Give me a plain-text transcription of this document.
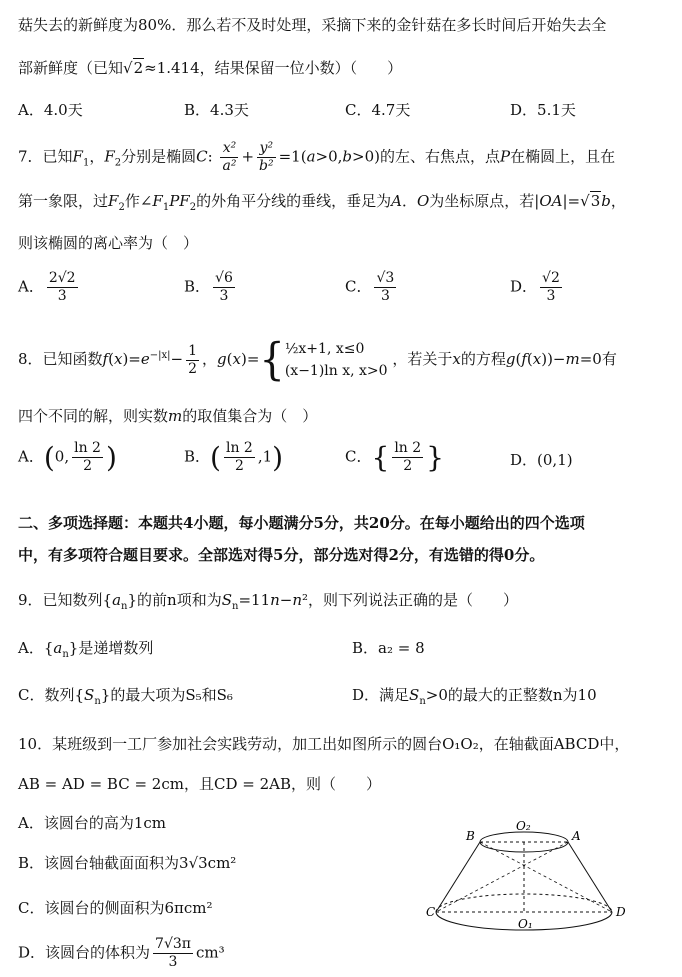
菇失去的新鲜度为80%．那么若不及时处理，采摘下来的金针菇在多长时间后开始失去全
部新鲜度（已知√2≈1.414，结果保留一位小数）（　　）
A．4.0天	B．4.3天	C．4.7天	D．5.1天
7．已知$F_1$，$F_2$分别是椭圆C: $\frac{\text{x²}}{\text{a²}} + \frac{\text{y²}}{\text{b²}} =1(a>0,b>0)$的左、右焦点，点P在椭圆上，且在
第一象限，过$F_2$作$\angle F_1PF_2$的外角平分线的垂线，垂足为A．O为坐标原点，若|OA|=√3b，
则该椭圆的离心率为（　）
A． $\frac{2√2}{3}$	B． $\frac{√6}{3}$	C． $\frac{√3}{3}$	D． $\frac{√2}{3}$
8．已知函数$f(x)=e^{-|x|}- \frac{1}{2}$ ，g(x)={ ½x+1, x≤0
(x−1)ln x, x>0
，若关于x的方程g(f(x))−m=0有
四个不同的解，则实数m的取值集合为（　）
A．(0, $\frac{\ln 2}{2}$ )	B．( $\frac{\ln 2}{2} ,1$)	C．{ $\frac{\ln 2}{2}$ }	D．(0,1)
二、多项选择题：本题共4小题，每小题满分5分，共20分。在每小题给出的四个选项
中，有多项符合题目要求。全部选对得5分，部分选对得2分，有选错的得0分。
9．已知数列$\{a_n\}$的前n项和为$S_n=11n-n^2$，则下列说法正确的是（　　）
A．$\{a_n\}$是递增数列	B．a₂ = 8
C．数列$\{S_n\}$的最大项为S₅和S₆	D．满足$S_n>0$的最大的正整数n为10
10．某班级到一工厂参加社会实践劳动，加工出如图所示的圆台O₁O₂，在轴截面ABCD中，
AB = AD = BC = 2cm，且CD = 2AB，则（　　）
A．该圆台的高为1cm
B．该圆台轴截面面积为3√3cm²
C．该圆台的侧面积为6πcm²
D．该圆台的体积为 $\frac{7√3\pi}{3} cm^3$
B	A
O₂
C	D
O₁
